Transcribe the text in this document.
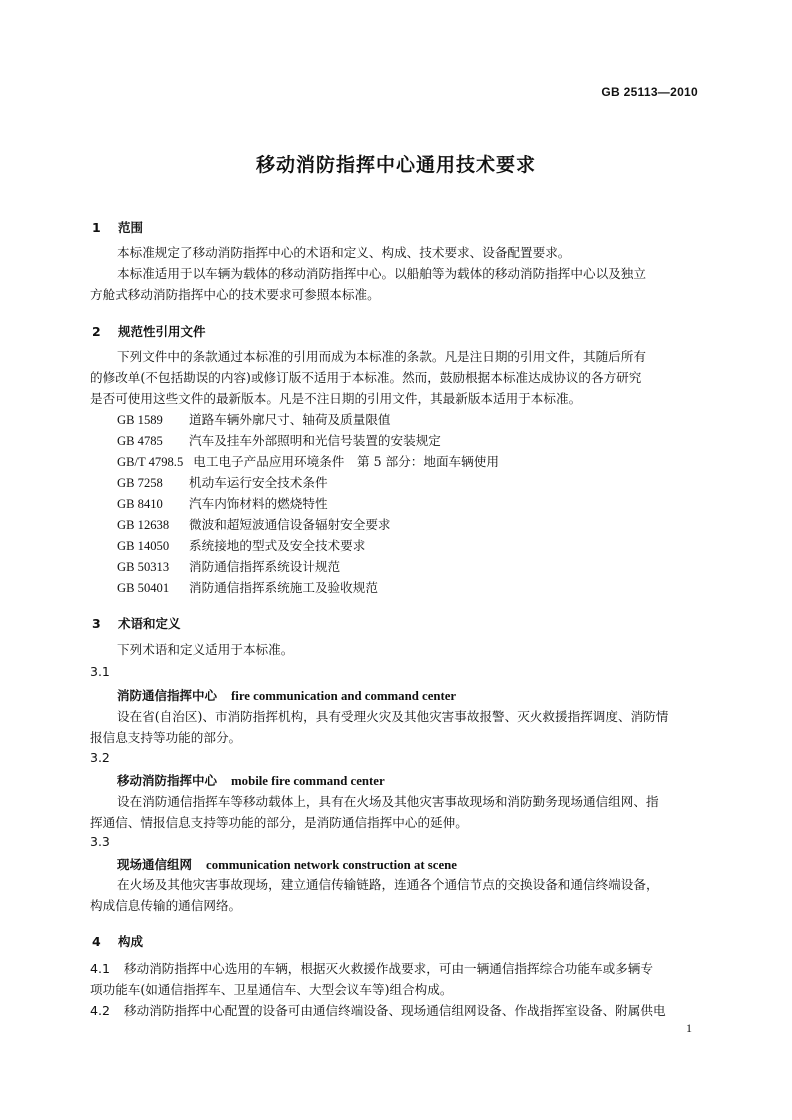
GB 25113—2010
移动消防指挥中心通用技术要求
1 范围
本标准规定了移动消防指挥中心的术语和定义、构成、技术要求、设备配置要求。
本标准适用于以车辆为载体的移动消防指挥中心。以船舶等为载体的移动消防指挥中心以及独立
方舱式移动消防指挥中心的技术要求可参照本标准。
2 规范性引用文件
下列文件中的条款通过本标准的引用而成为本标准的条款。凡是注日期的引用文件，其随后所有
的修改单(不包括勘误的内容)或修订版不适用于本标准。然而，鼓励根据本标准达成协议的各方研究
是否可使用这些文件的最新版本。凡是不注日期的引用文件，其最新版本适用于本标准。
GB 1589 道路车辆外廓尺寸、轴荷及质量限值
GB 4785 汽车及挂车外部照明和光信号装置的安装规定
GB/T 4798.5 电工电子产品应用环境条件　第 5 部分：地面车辆使用
GB 7258 机动车运行安全技术条件
GB 8410 汽车内饰材料的燃烧特性
GB 12638 微波和超短波通信设备辐射安全要求
GB 14050 系统接地的型式及安全技术要求
GB 50313 消防通信指挥系统设计规范
GB 50401 消防通信指挥系统施工及验收规范
3 术语和定义
下列术语和定义适用于本标准。
3.1
消防通信指挥中心 fire communication and command center
设在省(自治区)、市消防指挥机构，具有受理火灾及其他灾害事故报警、灭火救援指挥调度、消防情
报信息支持等功能的部分。
3.2
移动消防指挥中心 mobile fire command center
设在消防通信指挥车等移动载体上，具有在火场及其他灾害事故现场和消防勤务现场通信组网、指
挥通信、情报信息支持等功能的部分，是消防通信指挥中心的延伸。
3.3
现场通信组网 communication network construction at scene
在火场及其他灾害事故现场，建立通信传输链路，连通各个通信节点的交换设备和通信终端设备，
构成信息传输的通信网络。
4 构成
4.1 移动消防指挥中心选用的车辆，根据灭火救援作战要求，可由一辆通信指挥综合功能车或多辆专
项功能车(如通信指挥车、卫星通信车、大型会议车等)组合构成。
4.2 移动消防指挥中心配置的设备可由通信终端设备、现场通信组网设备、作战指挥室设备、附属供电
1
